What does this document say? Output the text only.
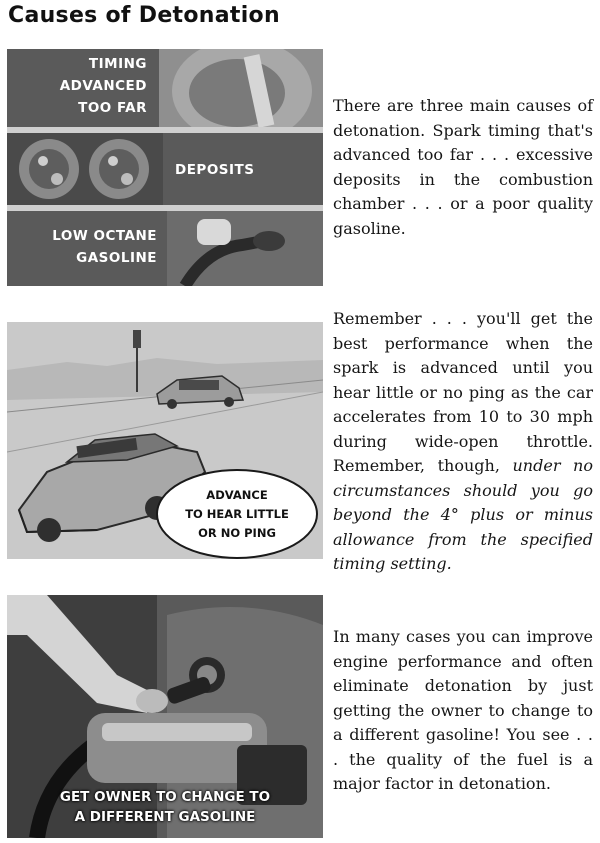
Causes of Detonation
TIMING
ADVANCED
TOO FAR
DEPOSITS
LOW OCTANE
GASOLINE

There are three main causes of detonation. Spark timing that's advanced too far . . . excessive deposits in the combustion chamber . . . or a poor quality gasoline.

ADVANCE
TO HEAR LITTLE
OR NO PING

Remember . . . you'll get the best performance when the spark is advanced until you hear little or no ping as the car accelerates from 10 to 30 mph during wide-open throttle. Remember, though, under no circumstances should you go beyond the 4° plus or minus allowance from the specified timing setting.

GET OWNER TO CHANGE TO
A DIFFERENT GASOLINE

In many cases you can improve engine performance and often eliminate detonation by just getting the owner to change to a different gasoline! You see . . . the quality of the fuel is a major factor in detonation.
